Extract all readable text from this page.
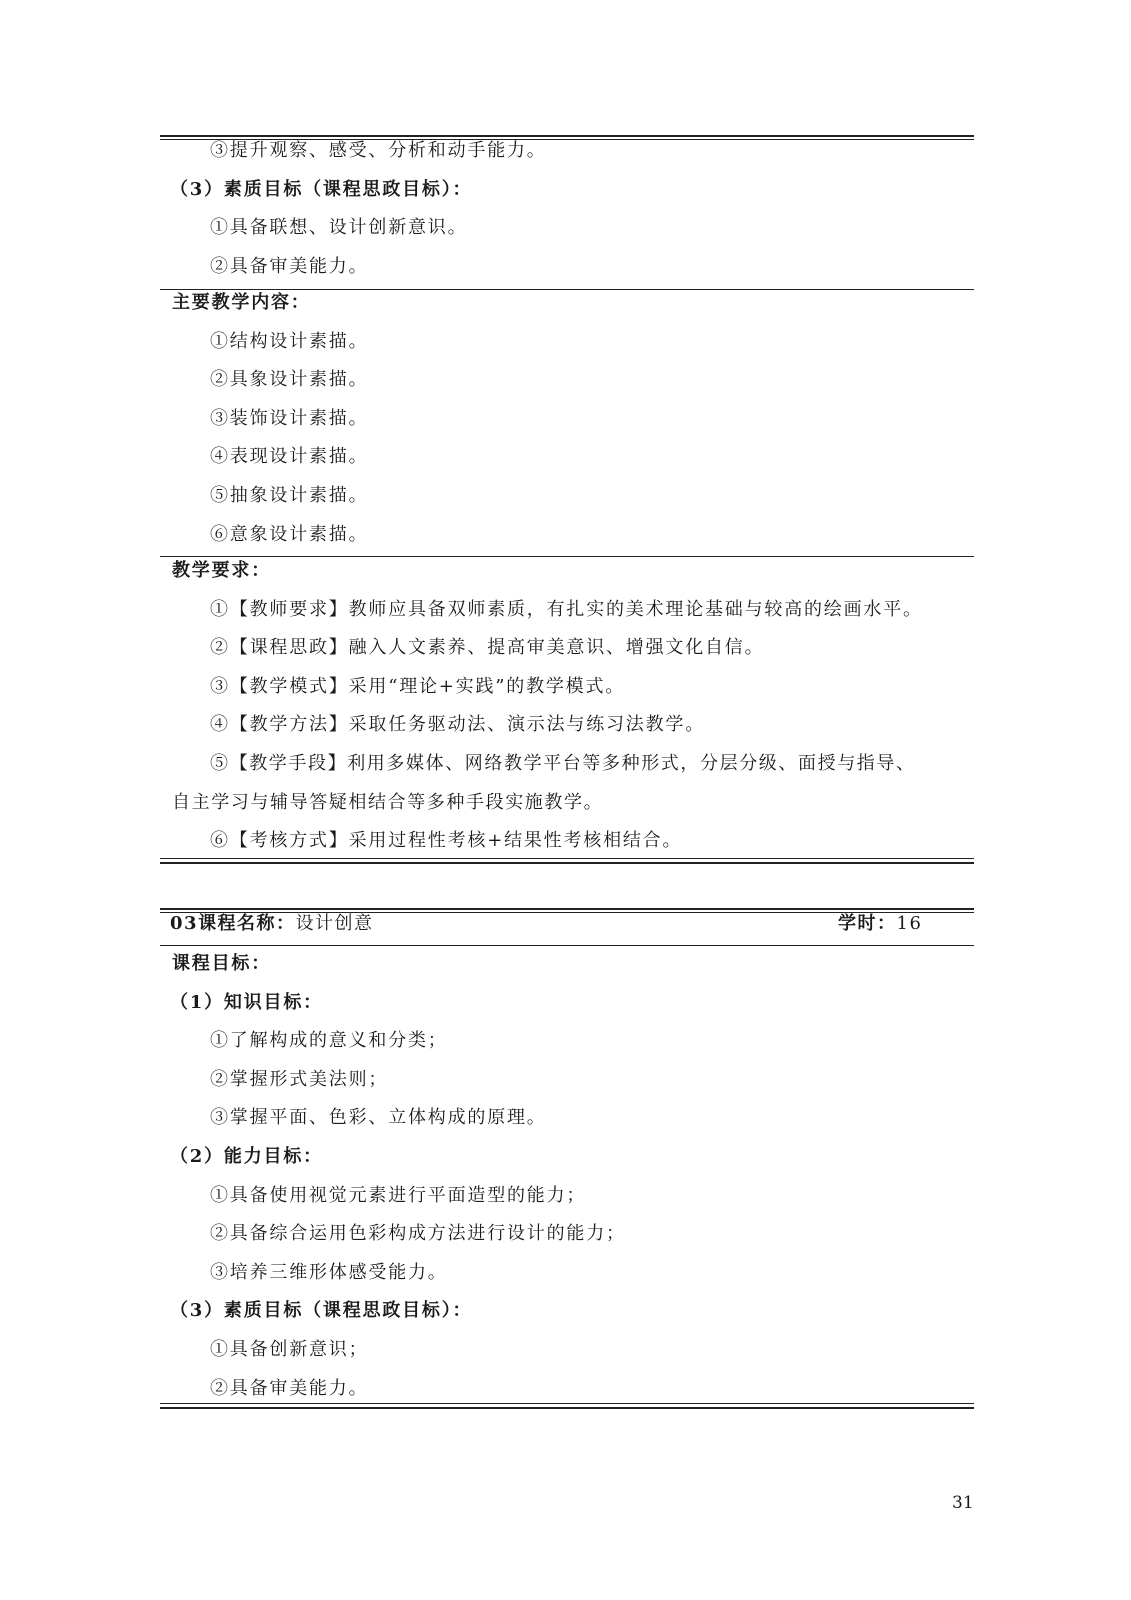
③提升观察、感受、分析和动手能力。
（3）素质目标（课程思政目标）：
①具备联想、设计创新意识。
②具备审美能力。
主要教学内容：
①结构设计素描。
②具象设计素描。
③装饰设计素描。
④表现设计素描。
⑤抽象设计素描。
⑥意象设计素描。
教学要求：
①【教师要求】教师应具备双师素质，有扎实的美术理论基础与较高的绘画水平。
②【课程思政】融入人文素养、提高审美意识、增强文化自信。
③【教学模式】采用“理论+实践”的教学模式。
④【教学方法】采取任务驱动法、演示法与练习法教学。
⑤【教学手段】利用多媒体、网络教学平台等多种形式，分层分级、面授与指导、自主学习与辅导答疑相结合等多种手段实施教学。
⑥【考核方式】采用过程性考核+结果性考核相结合。
03课程名称：设计创意	学时：16
课程目标：
（1）知识目标：
①了解构成的意义和分类；
②掌握形式美法则；
③掌握平面、色彩、立体构成的原理。
（2）能力目标：
①具备使用视觉元素进行平面造型的能力；
②具备综合运用色彩构成方法进行设计的能力；
③培养三维形体感受能力。
（3）素质目标（课程思政目标）：
①具备创新意识；
②具备审美能力。
31
